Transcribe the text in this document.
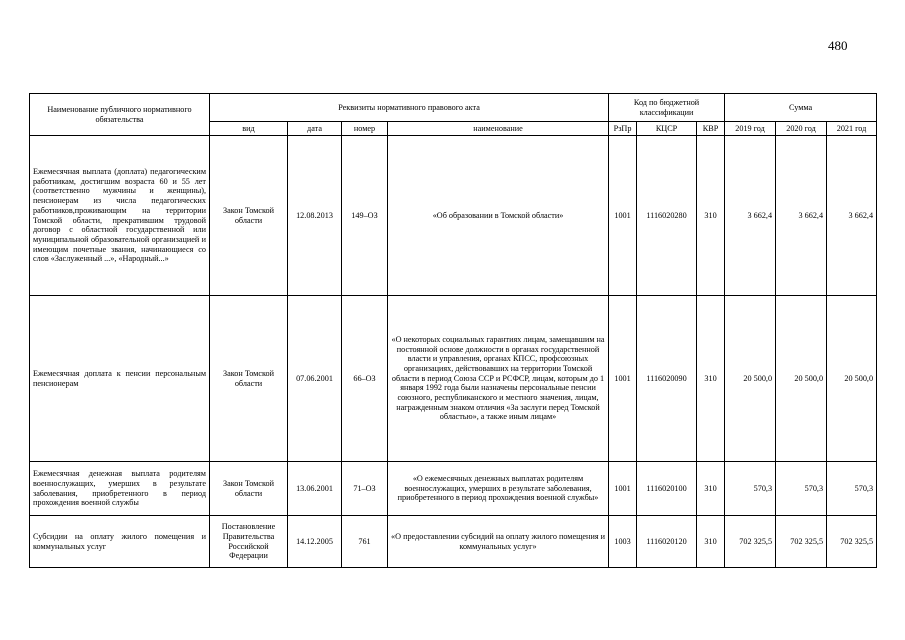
480
Наименование публичного нормативного обязательства	Реквизиты нормативного правового акта				Код по бюджетной классификации			Сумма		
	вид	дата	номер	наименование	РзПр	КЦСР	КВР	2019 год	2020 год	2021 год
Ежемесячная выплата (доплата) педагогическим работникам, достигшим возраста 60 и 55 лет (соответственно мужчины и женщины), пенсионерам из числа педагогических работников,проживающим на территории Томской области, прекратившим трудовой договор с областной государственной или муниципальной образовательной организацией и имеющим почетные звания, начинающиеся со слов «Заслуженный ...», «Народный...»	Закон Томской области	12.08.2013	149–ОЗ	«Об образовании в Томской области»	1001	1116020280	310	3 662,4	3 662,4	3 662,4
Ежемесячная доплата к пенсии персональным пенсионерам	Закон Томской области	07.06.2001	66–ОЗ	«О некоторых социальных гарантиях лицам, замещавшим на постоянной основе должности в органах государственной власти и управления, органах КПСС, профсоюзных организациях, действовавших на территории Томской области в период Союза ССР и РСФСР, лицам, которым до 1 января 1992 года были назначены персональные пенсии союзного, республиканского и местного значения, лицам, награжденным знаком отличия «За заслуги перед Томской областью», а также иным лицам»	1001	1116020090	310	20 500,0	20 500,0	20 500,0
Ежемесячная денежная выплата родителям военнослужащих, умерших в результате заболевания, приобретенного в период прохождения военной службы	Закон Томской области	13.06.2001	71–ОЗ	«О ежемесячных денежных выплатах родителям военнослужащих, умерших в результате заболевания, приобретенного в период прохождения военной службы»	1001	1116020100	310	570,3	570,3	570,3
Субсидии на оплату жилого помещения и коммунальных услуг	Постановление Правительства Российской Федерации	14.12.2005	761	«О предоставлении субсидий на оплату жилого помещения и коммунальных услуг»	1003	1116020120	310	702 325,5	702 325,5	702 325,5
